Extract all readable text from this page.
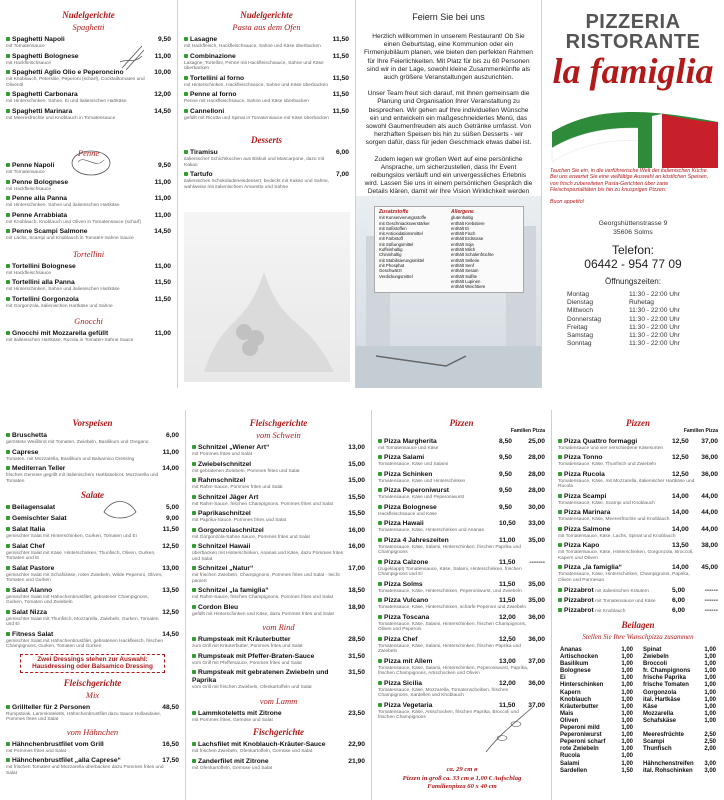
Nudelgerichte
Spaghetti
Spaghetti Napoli	9,50
mit Tomatensauce
Spaghetti Bolognese	11,00
mit Hackfleischsauce
Spaghetti Aglio Olio e Peperoncino	10,00
mit Knoblauch, Petersilie, Peperoni (scharf), Cocktailtomaten und Olivenöl
Spaghetti Carbonara	12,00
mit Hinterschinken, Sahne, Ei und italienischen Hartkäse
Spaghetti Marinara	14,50
mit Meeresfrüchte und Knoblauch in Tomatensauce
Penne
Penne Napoli	9,50
mit Tomatensauce
Penne Bolognese	11,00
mit Hackfleischsauce
Penne alla Panna	11,00
mit Hinterschinken, Sahne und italienischen Hartkäse
Penne Arrabbiata	11,00
mit Knoblauch, Knoblauch und Oliven in Tomatensauce (scharf)
Penne Scampi Salmone	14,50
mit Lachs, Scampi und Knoblauch in Tomaten-Sahne Sauce
Tortellini
Tortellini Bolognese	11,00
mit Hackfleischsauce
Tortellini alla Panna	11,50
mit Hinterschinken, Sahne und italienischen Hartkäse
Tortellini Gorgonzola	11,50
mit Gorgonzola, italienischen Hartkäse und Sahne
Gnocchi
Gnocchi mit Mozzarella gefüllt	11,00
mit italienischen Hartkäse, Rucola in Tomaten-Sahne Sauce
Nudelgerichte
Pasta aus dem Ofen
Lasagne	11,50
mit Hackfleisch, Hackfleischsauce, Sahne und Käse überbacken
Combinazione	11,50
Lasagne, Tortellini, Penne mit Hackfleischsauce, Sahne und Käse überbacken
Tortellini al forno	11,50
mit Hinterschinken, Hackfleischsauce, Sahne und Käse überbacken
Penne al forno	11,50
Penne mit Hackfleischsauce, Sahne und Käse überbacken
Cannelloni	11,50
gefüllt mit Ricotta und Spinat in Tomatensauce mit Käse überbacken
Desserts
Tiramisu	6,00
italienischer Schichtkuchen aus Biskuit und Mascarpone, dazu mit Kakao
Tartufo	7,00
italienisches Schokoladeneisdessert, bedeckt mit Kakao und Sahne, wahlweise mit italienischem Amaretto und Sahne
Feiern Sie bei uns
Herzlich willkommen in unserem Restaurant! Ob Sie einen Geburtstag, eine Kommunion oder ein Firmenjubiläum planen, wie bieten den perfekten Rahmen für Ihre Feierlichkeiten. Mit Platz für bis zu 60 Personen sind wir in der Lage, sowohl kleine Zusammenkünfte als auch größere Veranstaltungen auszurichten.
Unser Team freut sich darauf, mit Ihnen gemeinsam die Planung und Organisation Ihrer Veranstaltung zu besprechen. Wir gehen auf Ihre individuellen Wünsche ein und entwickeln ein maßgeschneidertes Menü, das sowohl Gaumenfreuden als auch Getränke umfasst. Von herzhaften Speisen bis hin zu süßen Desserts - wir sorgen dafür, dass für jeden Geschmack etwas dabei ist.
Zudem legen wir großen Wert auf eine persönliche Ansprache, um sicherzustellen, dass Ihr Event reibungslos verläuft und ein unvergessliches Erlebnis wird. Lassen Sie uns in einem persönlichen Gespräch die Details klären, damit wir Ihre Vision Wirklichkeit werden
Zusatzstoffe
mit Konservierungsstoffe
mit Geschmacksverstärker
mit Süßstoffen
mit Antioxidationsmittel
mit Farbstoff
mit Süßungsmittel
Koffeinhaltig
Chininhaltig
mit Stabilisierungsmittel
mit Phosphat
Geschwärzt
Verdickungsmittel
Allergene
glutenhaltig
enthält Krebstiere
enthält Ei
enthält Fisch
enthält Erdnüsse
enthält Soja
enthält Milch
enthält Schalenfrüchte
enthält Sellerie
enthält Senf
enthält Sesam
enthält Sulfite
enthält Lupinen
enthält Weichtiere
PIZZERIA
RISTORANTE
la famiglia
Tauchen Sie ein, in die verführerische Welt der italienischen Küche. Bei uns erwartet Sie eine vielfältige Auswahl an köstlichen Speisen, von frisch zubereiteten Pasta-Gerichten über zarte Fleischspezialitäten bis hin zu knusprigen Pizzen.
Buon appetito!
Georgshüttenstrasse 9
35606 Solms
Telefon:
06442 - 954 77 09
Öffnungszeiten:
Montag	11:30 - 22:00 Uhr
Dienstag	Ruhetag
Mittwoch	11:30 - 22:00 Uhr
Donnerstag	11:30 - 22:00 Uhr
Freitag	11:30 - 22:00 Uhr
Samstag	11:30 - 22:00 Uhr
Sonntag	11:30 - 22:00 Uhr
Vorspeisen
Bruschetta	6,00
geröstete Weißbrot mit Tomaten, Zwiebeln, Basilikum und Oregano
Caprese	11,00
Tomaten, mit Mozzarella, Basilikum und Balsamico Dressing
Mediterran Teller	14,00
frisches Gemüse gegrillt mit italienischem Hartkäsebrot, Mozzarella und Tomaten
Salate
Beilagensalat	5,00
Gemischter Salat	9,00
Salat Italia	11,50
gemischter Salat mit Hinterschinken, Gurken, Tomaten und Ei
Salat Chef	12,50
gemischter Salat mit Käse, Hinterschinken, Thunfisch, Oliven, Gurken, Tomaten und Ei
Salat Pastore	13,00
gemischter Salat mit Schafskäse, roten Zwiebeln, Wilde Peperoni, Oliven, Tomaten und Gurken
Salat Alanno	13,50
gemischter Salat mit Hähnchenbrustfilet, gebratener Champignons, Gurken, Tomaten und Zwiebeln
Salat Nizza	12,50
gemischter Salat mit Thunfisch, Mozzarella, Zwiebeln, Gurken, Tomaten und Ei
Fitness Salat	14,50
gemischter Salat mit Hähnchenbrustfilet, gebratenen Hackfleisch, frischen Champignons, Gurken, Tomaten und Gurken
Zwei Dressings stehen zur Auswahl: Hausdressing oder Balsamico Dressing
Fleischgerichte
Mix
Grillteller für 2 Personen	48,50
Rumpsteak, Lammkoteletts, Hähnchenbrustfilet dazu Sauce Hollandaise, Pommes frites und Salat
vom Hähnchen
Hähnchenbrustfilet vom Grill	16,50
mit Pommes frites und Salat
Hähnchenbrustfilet „alla Caprese“	17,50
mit frischen Tomaten und Mozzarella überbacken dazu Pommes frites und Salat
Fleischgerichte
vom Schwein
Schnitzel „Wiener Art“	13,00
mit Pommes frites und Salat
Zwiebelschnitzel	15,00
mit gebratenen Zwiebeln, Pommes frites und Salat
Rahmschnitzel	15,00
mit Rahm-Sauce, Pommes frites und Salat
Schnitzel Jäger Art	15,50
mit Rahm-Sauce, frischen Champignons, Pommes frites und Salat
Paprikaschnitzel	15,50
mit Paprika-Sauce, Pommes frites und Salat
Gorgonzolaschnitzel	16,00
mit Gorgonzola-Sahne Sauce, Pommes frites und Salat
Schnitzel Hawaii	16,00
überbacken mit Hinterschinken, Ananas und Käse, dazu Pommes frites und Salat
Schnitzel „Natur“	17,00
mit frischen Zwiebeln, Champignons, Pommes frites und Salat - leicht paniert
Schnitzel „la famiglia“	18,50
mit Rahm-Sauce, frischen Champignons, Pommes frites und Salat
Cordon Bleu	18,90
gefüllt mit Hinterschinken und Käse, dazu Pommes frites und Salat
vom Rind
Rumpsteak mit Kräuterbutter	28,50
zum Grill mit Kräuterbutter, Pommes frites und Salat
Rumpsteak mit Pfeffer-Braten-Sauce	31,50
vom Grill mit Pfeffersauce, Pommes frites und Salat
Rumpsteak mit gebratenen Zwiebeln und Paprika
31,50
vom Grill mit frischen Zwiebeln, Ofenkartoffeln und Salat
vom Lamm
Lammkoteletts mit Zitrone	23,50
mit Pommes frites, Gemüse und Salat
Fischgerichte
Lachsfilet mit Knoblauch-Kräuter-Sauce	22,90
mit frischen Zwiebeln, Ofenkartoffeln, Gemüse und Salat
Zanderfilet mit Zitrone	21,90
mit Ofenkartoffeln, Gemüse und Salat
Pizzen
Familien Pizza
Pizza Margherita	8,50 25,00
mit Tomatensauce und Käse
Pizza Salami	9,50 28,00
Tomatensauce, Käse und Salami
Pizza Schinken	9,50 28,00
Tomatensauce, Käse und Hinterschinken
Pizza Peperoniwurst	9,50 28,00
Tomatensauce, Käse und Peperoniwurst
Pizza Bolognese	9,50 30,00
Hackfleischsauce und Käse
Pizza Hawaii	10,50 33,00
Tomatensauce, Käse, Hinterschinken und Ananas
Pizza 4 Jahreszeiten	11,00 35,00
Tomatensauce, Käse, Salami, Hinterschinken, frischen Paprika und Champignons
Pizza Calzone	11,50 -------
(zugeklappt) Tomatensauce, Käse, Salami, Hinterschinken, frischen Champignons und Ei
Pizza Solms	11,50 35,00
Tomatensauce, Käse, Hinterschinken, Peperoniwurst, und Zwiebeln
Pizza Vulcano	11,50 35,00
Tomatensauce, Käse, Hinterschinken, scharfe Peperoni und Zwiebeln
Pizza Toscana	12,00 36,00
Tomatensauce, Käse, Salami, Hinterschinken, frischen Champignons, Oliven und Peperoni
Pizza Chef	12,50 36,00
Tomatensauce, Käse, Salami, Hinterschinken, frischen Paprika und Zwiebeln
Pizza mit Allem	13,00 37,00
Tomatensauce, Käse, Salami, Hinterschinken, Peperoniwurst, Paprika, frischen Champignons, Artischocken und Oliven
Pizza Sicilia	12,00 36,00
Tomatensauce, Käse, Mozzarella, Tomatenscheiben, frischen Champignons, Sardellen und Knoblauch
Pizza Vegetaria	11,50 37,00
Tomatensauce, Käse, Artischocken, frischen Paprika, Broccoli und frischen Champignons
ca. 29 cm ø
Pizzen in groß ca. 33 cm ø 1,00 € Aufschlag
Familienpizza 60 x 40 cm
Pizzen
Familien Pizza
Pizza Quattro formaggi	12,50 37,00
Tomatensauce und vier verschiedene Käsesorten
Pizza Tonno	12,50 36,00
Tomatensauce, Käse, Thunfisch und Zwiebeln
Pizza Rucola	12,50 36,00
Tomatensauce, Käse, mit Mozzarella, italienischer Hartkäse und Rucola
Pizza Scampi	14,00 44,00
Tomatensauce, Käse, Scampi und Knoblauch
Pizza Marinara	14,00 44,00
Tomatensauce, Käse, Meeresfrüchte und Knoblauch
Pizza Salmone	14,00 44,00
mit Tomatensauce, Käse, Lachs, Spinat und Knoblauch
Pizza Kapo	13,50 38,00
mit Tomatensauce, Käse, Hinterschinken, Gorgonzola, Broccoli, Kapern und Oliven
Pizza „la famiglia“	14,00 45,00
Tomatensauce, Käse, Hinterschinken, Champignons, Paprika, Oliven und Parmesan
Pizzabrot mit italienischen Kräutern	5,00	------
Pizzabrot mit Tomatensauce und Käse 6,00	------
Pizzabrot mit Knoblauch	6,00	------
Beilagen
Stellen Sie Ihre Wunschpizza zusammen
Ananas	1,00
Artischocken	1,00
Basilikum	1,00
Bolognese	1,00
Ei	1,00
Hinterschinken	1,00
Kapern	1,00
Knoblauch	1,00
Kräuterbutter	1,00
Mais	1,00
Oliven	1,00
Peperoni mild	1,00
Peperoniwurst	1,00
Peperoni scharf	1,00
rote Zwiebeln	1,00
Rucola	1,00
Salami	1,00
Sardellen	1,50
Spinat	1,00
Zwiebeln	1,00
Broccoli	1,00
fr. Champignons 1,00
frische Paprika	1,00
frische Tomaten	1,00
Gorgonzola	1,00
ital. Hartkäse	1,00
Käse	1,00
Mozzarella	1,00
Schafskäse	1,00

Meeresfrüchte	2,50
Scampi	2,50
Thunfisch	2,00

Hähnchenstreifen 3,00
ital. Rohschinken 3,00
